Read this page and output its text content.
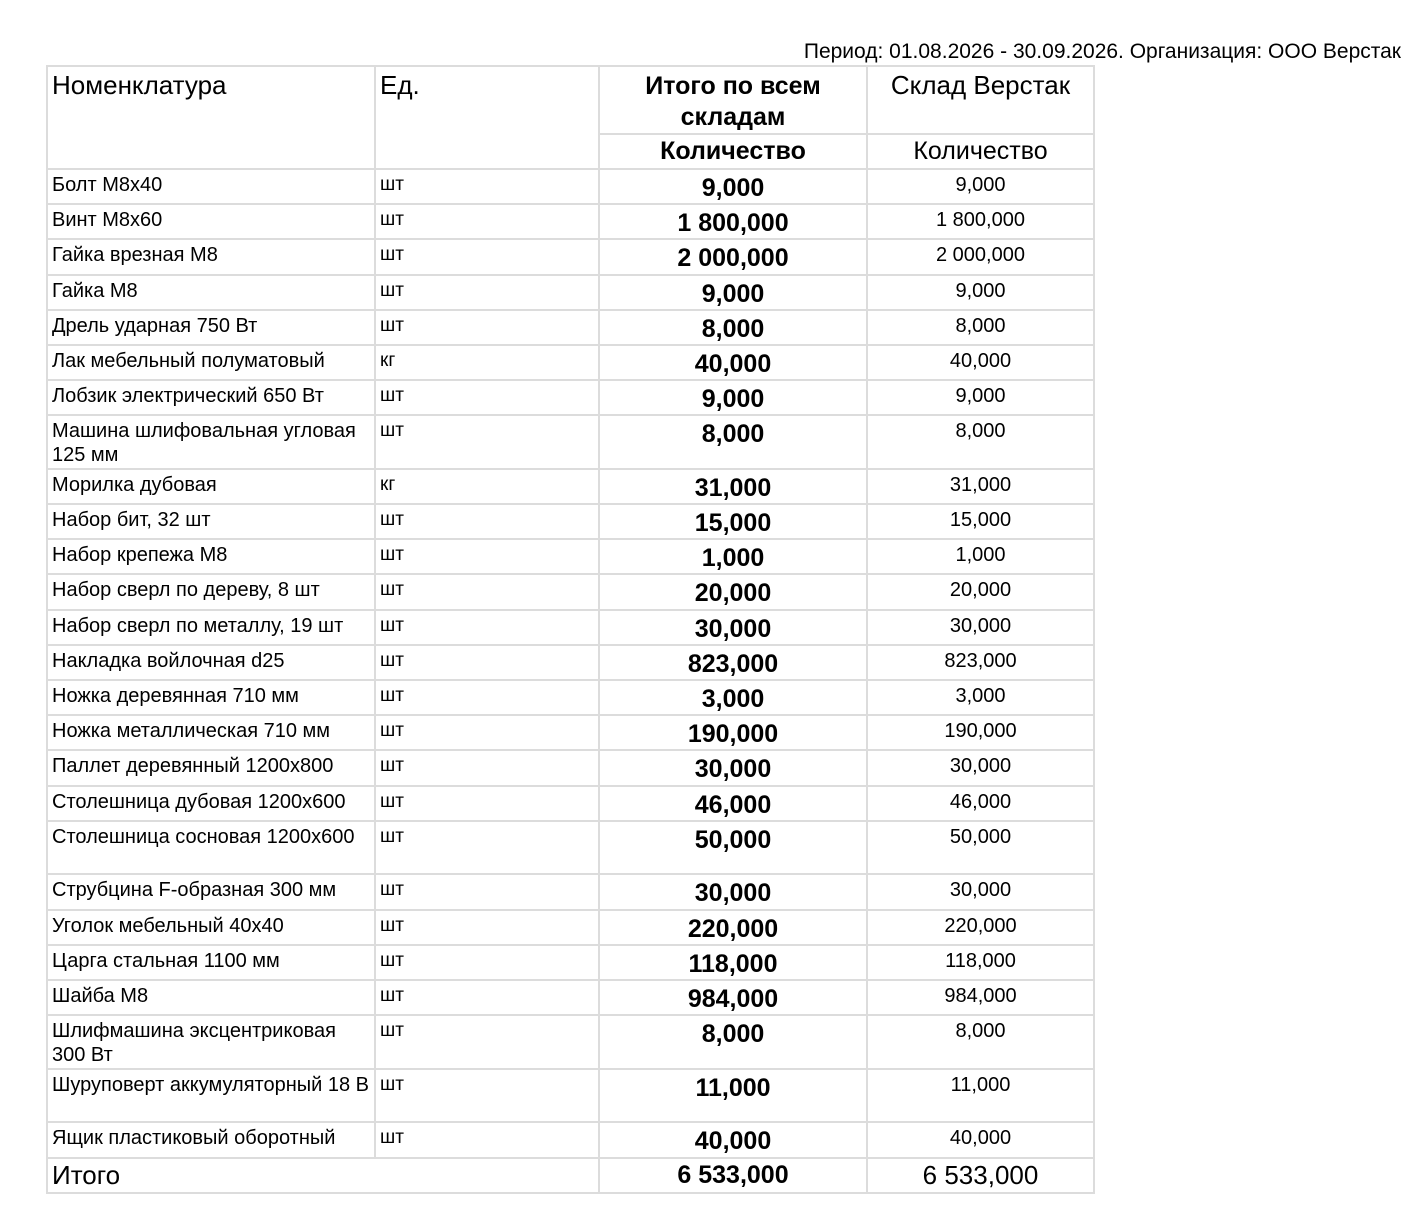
Период: 01.08.2026 - 30.09.2026. Организация: ООО Верстак
Номенклатура	Ед.	Итого по всем складам	Склад Верстак
		Количество	Количество
Болт М8х40	шт	9,000	9,000
Винт М8х60	шт	1 800,000	1 800,000
Гайка врезная М8	шт	2 000,000	2 000,000
Гайка М8	шт	9,000	9,000
Дрель ударная 750 Вт	шт	8,000	8,000
Лак мебельный полуматовый	кг	40,000	40,000
Лобзик электрический 650 Вт	шт	9,000	9,000
Машина шлифовальная угловая 125 мм	шт	8,000	8,000
Морилка дубовая	кг	31,000	31,000
Набор бит, 32 шт	шт	15,000	15,000
Набор крепежа М8	шт	1,000	1,000
Набор сверл по дереву, 8 шт	шт	20,000	20,000
Набор сверл по металлу, 19 шт	шт	30,000	30,000
Накладка войлочная d25	шт	823,000	823,000
Ножка деревянная 710 мм	шт	3,000	3,000
Ножка металлическая 710 мм	шт	190,000	190,000
Паллет деревянный 1200х800	шт	30,000	30,000
Столешница дубовая 1200х600	шт	46,000	46,000
Столешница сосновая 1200х600	шт	50,000	50,000
Струбцина F-образная 300 мм	шт	30,000	30,000
Уголок мебельный 40х40	шт	220,000	220,000
Царга стальная 1100 мм	шт	118,000	118,000
Шайба М8	шт	984,000	984,000
Шлифмашина эксцентриковая 300 Вт	шт	8,000	8,000
Шуруповерт аккумуляторный 18 В	шт	11,000	11,000
Ящик пластиковый оборотный	шт	40,000	40,000
Итого		6 533,000	6 533,000
